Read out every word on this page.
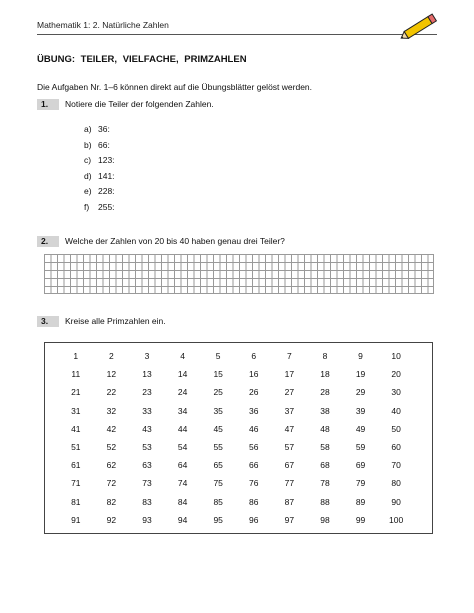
Mathematik 1: 2. Natürliche Zahlen
ÜBUNG: TEILER, VIELFACHE, PRIMZAHLEN
Die Aufgaben Nr. 1–6 können direkt auf die Übungsblätter gelöst werden.
1.	Notiere die Teiler der folgenden Zahlen.
a) 36:
b) 66:
c) 123:
d) 141:
e) 228:
f)	255:
2.	Welche der Zahlen von 20 bis 40 haben genau drei Teiler?
3.	Kreise alle Primzahlen ein.
1	2	3	4	5	6	7	8	9	10
11	12	13	14	15	16	17	18	19	20
21	22	23	24	25	26	27	28	29	30
31	32	33	34	35	36	37	38	39	40
41	42	43	44	45	46	47	48	49	50
51	52	53	54	55	56	57	58	59	60
61	62	63	64	65	66	67	68	69	70
71	72	73	74	75	76	77	78	79	80
81	82	83	84	85	86	87	88	89	90
91	92	93	94	95	96	97	98	99	100
